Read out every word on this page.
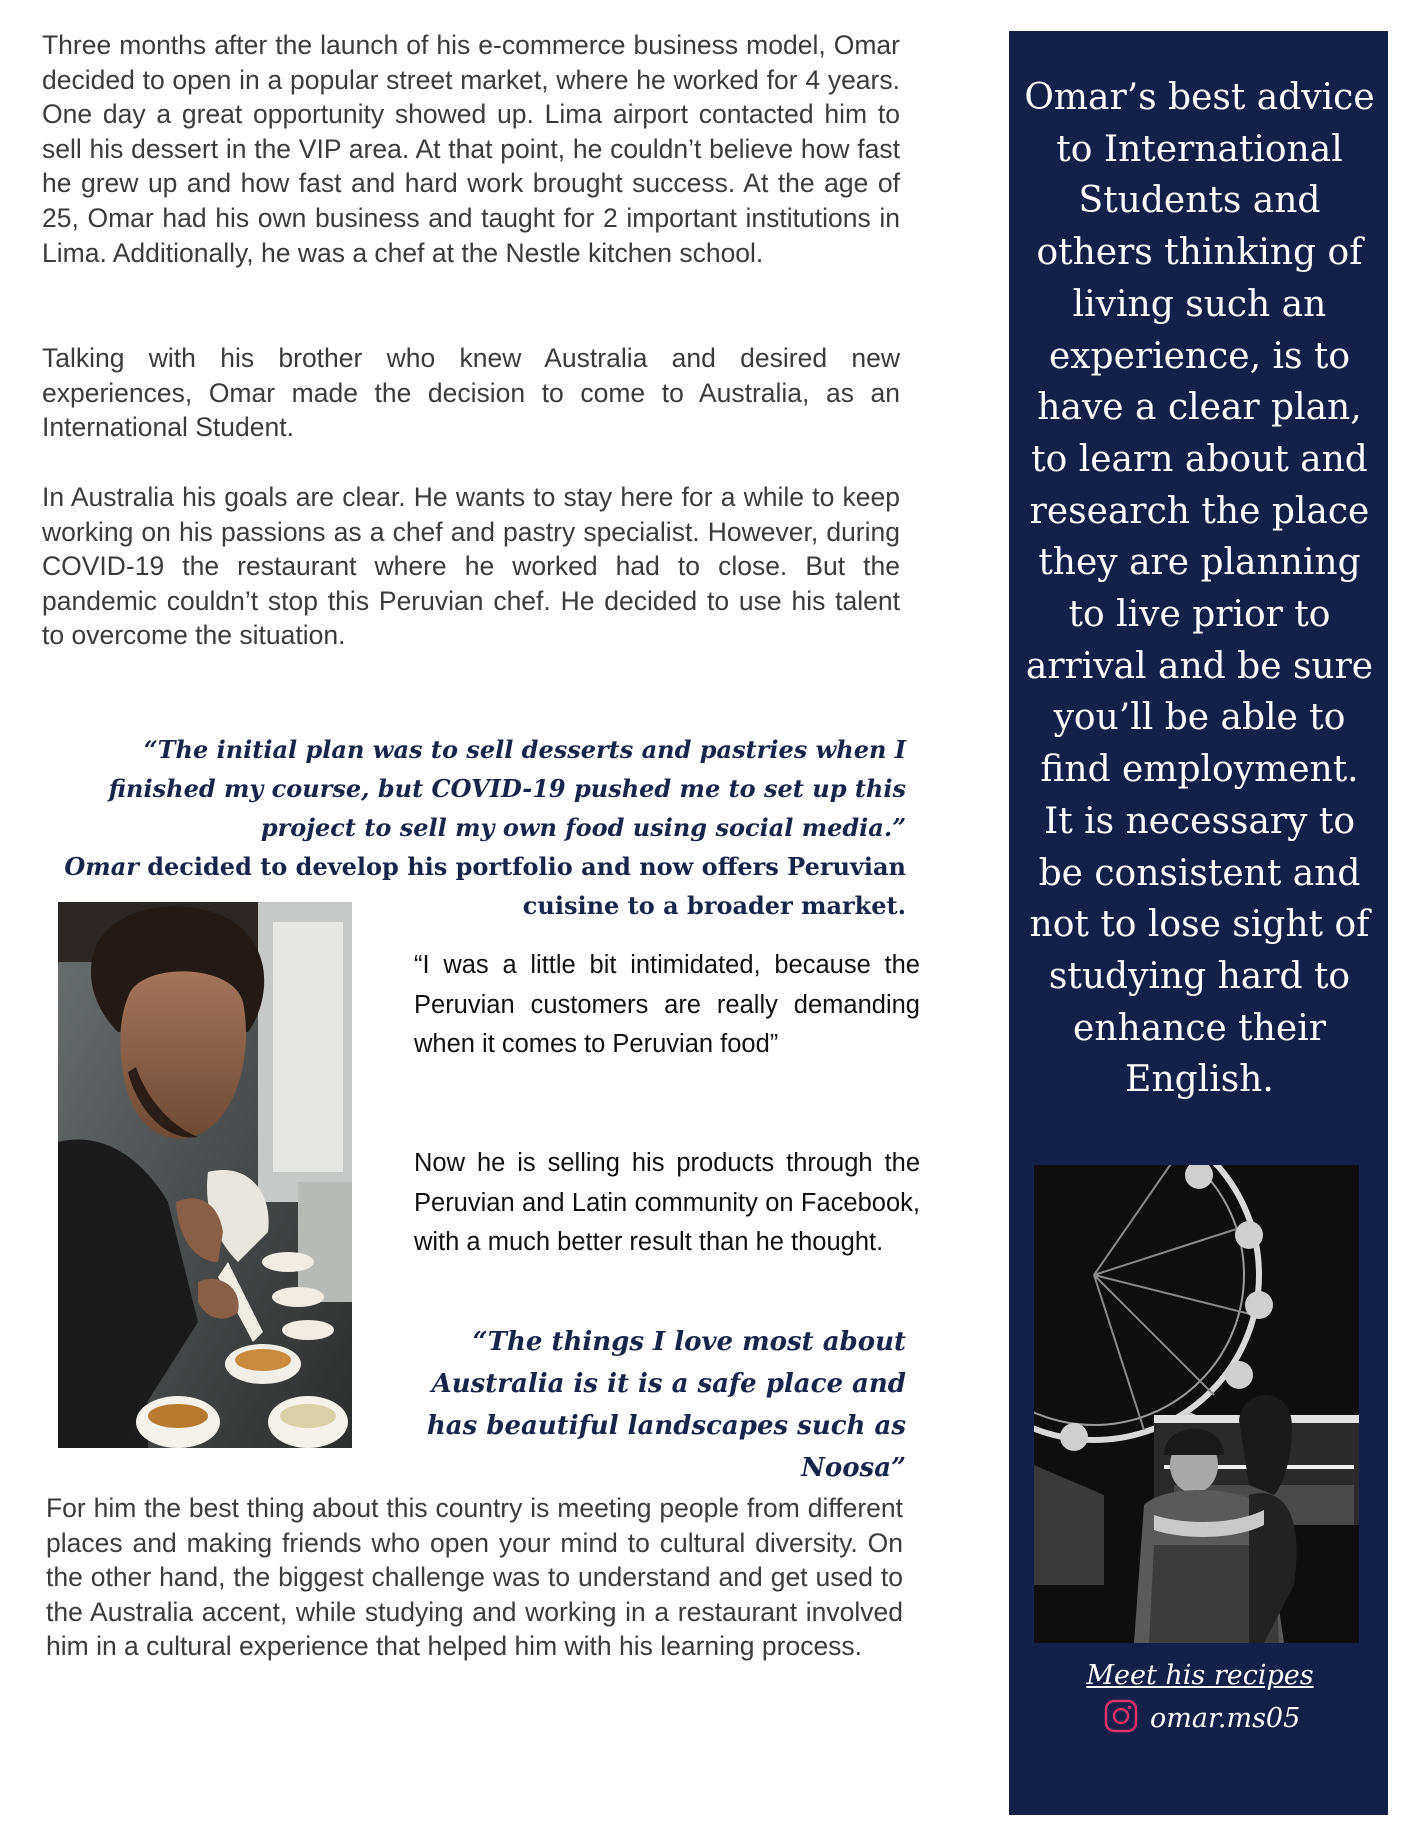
Three months after the launch of his e-commerce business model, Omar decided to open in a popular street market, where he worked for 4 years. One day a great opportunity showed up. Lima airport contacted him to sell his dessert in the VIP area. At that point, he couldn’t believe how fast he grew up and how fast and hard work brought success. At the age of 25, Omar had his own business and taught for 2 important institutions in Lima. Additionally, he was a chef at the Nestle kitchen school.

Talking with his brother who knew Australia and desired new experiences, Omar made the decision to come to Australia, as an International Student.

In Australia his goals are clear. He wants to stay here for a while to keep working on his passions as a chef and pastry specialist. However, during COVID-19 the restaurant where he worked had to close. But the pandemic couldn’t stop this Peruvian chef. He decided to use his talent to overcome the situation.

“The initial plan was to sell desserts and pastries when I finished my course, but COVID-19 pushed me to set up this project to sell my own food using social media.”

Omar decided to develop his portfolio and now offers Peruvian cuisine to a broader market.

“I was a little bit intimidated, because the Peruvian customers are really demanding when it comes to Peruvian food”

Now he is selling his products through the Peruvian and Latin community on Facebook, with a much better result than he thought.

“The things I love most about Australia is it is a safe place and has beautiful landscapes such as Noosa”

For him the best thing about this country is meeting people from different places and making friends who open your mind to cultural diversity. On the other hand, the biggest challenge was to understand and get used to the Australia accent, while studying and working in a restaurant involved him in a cultural experience that helped him with his learning process.

Omar’s best advice to International Students and others thinking of living such an experience, is to have a clear plan, to learn about and research the place they are planning to live prior to arrival and be sure you’ll be able to find employment. It is necessary to be consistent and not to lose sight of studying hard to enhance their English.

Meet his recipes

omar.ms05
